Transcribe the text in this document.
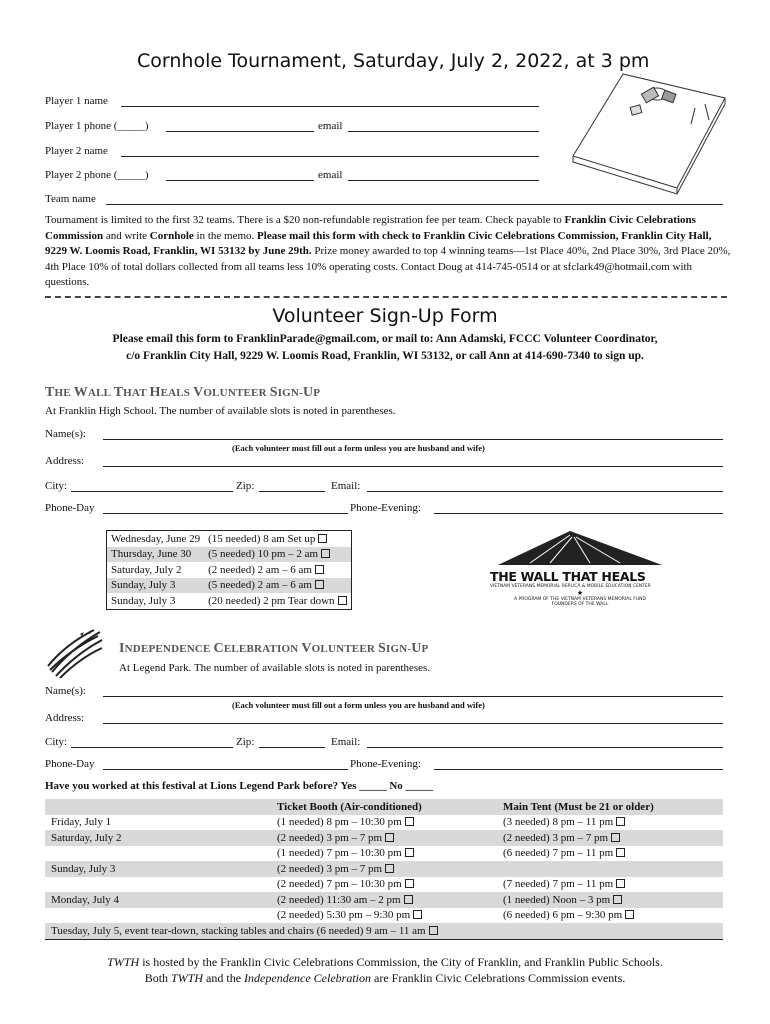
Cornhole Tournament, Saturday, July 2, 2022, at 3 pm
Player 1 name
Player 1 phone (_____)	email
Player 2 name
Player 2 phone (_____)	email
Team name
Tournament is limited to the first 32 teams. There is a $20 non-refundable registration fee per team. Check payable to Franklin Civic Celebrations Commission and write Cornhole in the memo. Please mail this form with check to Franklin Civic Celebrations Commission, Franklin City Hall, 9229 W. Loomis Road, Franklin, WI 53132 by June 29th. Prize money awarded to top 4 winning teams—1st Place 40%, 2nd Place 30%, 3rd Place 20%, 4th Place 10% of total dollars collected from all teams less 10% operating costs. Contact Doug at 414-745-0514 or at sfclark49@hotmail.com with questions.
Volunteer Sign-Up Form
Please email this form to FranklinParade@gmail.com, or mail to: Ann Adamski, FCCC Volunteer Coordinator,
c/o Franklin City Hall, 9229 W. Loomis Road, Franklin, WI 53132, or call Ann at 414-690-7340 to sign up.
THE WALL THAT HEALS VOLUNTEER SIGN-UP
At Franklin High School. The number of available slots is noted in parentheses.
Name(s):
(Each volunteer must fill out a form unless you are husband and wife)
Address:
City:	Zip:	Email:
Phone-Day	Phone-Evening:
Wednesday, June 29	(15 needed) 8 am Set up
Thursday, June 30	(5 needed) 10 pm – 2 am
Saturday, July 2	(2 needed) 2 am – 6 am
Sunday, July 3	(5 needed) 2 am – 6 am
Sunday, July 3	(20 needed) 2 pm Tear down
THE WALL THAT HEALS
VIETNAM VETERANS MEMORIAL REPLICA & MOBILE EDUCATION CENTER
★
A PROGRAM OF THE VIETNAM VETERANS MEMORIAL FUND
FOUNDERS OF THE WALL
INDEPENDENCE CELEBRATION VOLUNTEER SIGN-UP
At Legend Park. The number of available slots is noted in parentheses.
Name(s):
(Each volunteer must fill out a form unless you are husband and wife)
Address:
City:	Zip:	Email:
Phone-Day	Phone-Evening:
Have you worked at this festival at Lions Legend Park before? Yes _____ No _____
	Ticket Booth (Air-conditioned)	Main Tent (Must be 21 or older)
Friday, July 1	(1 needed) 8 pm – 10:30 pm	(3 needed) 8 pm – 11 pm
Saturday, July 2	(2 needed) 3 pm – 7 pm	(2 needed) 3 pm – 7 pm
	(1 needed) 7 pm – 10:30 pm	(6 needed) 7 pm – 11 pm
Sunday, July 3	(2 needed) 3 pm – 7 pm	
	(2 needed) 7 pm – 10:30 pm	(7 needed) 7 pm – 11 pm
Monday, July 4	(2 needed) 11:30 am – 2 pm	(1 needed) Noon – 3 pm
	(2 needed) 5:30 pm – 9:30 pm	(6 needed) 6 pm – 9:30 pm
Tuesday, July 5, event tear-down, stacking tables and chairs (6 needed) 9 am – 11 am		
TWTH is hosted by the Franklin Civic Celebrations Commission, the City of Franklin, and Franklin Public Schools.
Both TWTH and the Independence Celebration are Franklin Civic Celebrations Commission events.
